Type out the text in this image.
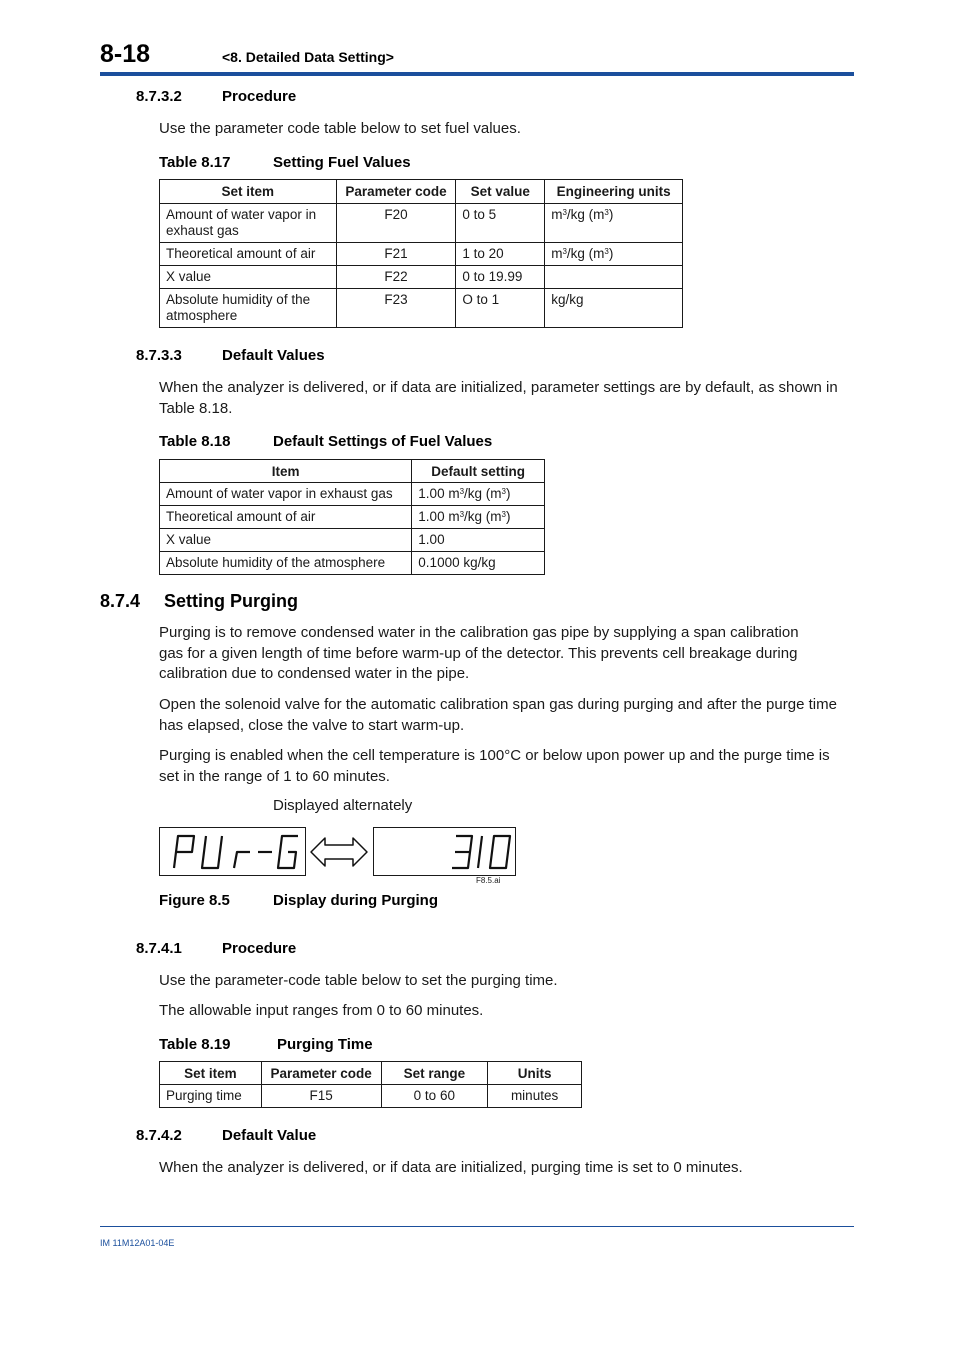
8-18	<8. Detailed Data Setting>
8.7.3.2	Procedure
Use the parameter code table below to set fuel values.
Table 8.17	Setting Fuel Values
Set item	Parameter code	Set value	Engineering units

Amount of water vapor in
exhaust gas	F20	0 to 5	$m^3/kg$ $(m^3)$

Theoretical amount of air	F21	1 to 20	$m^3/kg$ $(m^3)$

X value	F22	0 to 19.99	

Absolute humidity of the
atmosphere	F23	O to 1	kg/kg
8.7.3.3	Default Values
When the analyzer is delivered, or if data are initialized, parameter settings are by default, as shown in
Table 8.18.
Table 8.18	Default Settings of Fuel Values
Item	Default setting

Amount of water vapor in exhaust gas	1.00 $m^3/kg$ $(m^3)$

Theoretical amount of air	1.00 $m^3/kg$ $(m^3)$

X value	1.00

Absolute humidity of the atmosphere	0.1000 kg/kg
8.7.4 Setting Purging
Purging is to remove condensed water in the calibration gas pipe by supplying a span calibration
gas for a given length of time before warm-up of the detector. This prevents cell breakage during
calibration due to condensed water in the pipe.
Open the solenoid valve for the automatic calibration span gas during purging and after the purge time
has elapsed, close the valve to start warm-up.
Purging is enabled when the cell temperature is 100°C or below upon power up and the purge time is
set in the range of 1 to 60 minutes.
Displayed alternately
PUrG
F8.5.ai
Figure 8.5	Display during Purging
8.7.4.1	Procedure
Use the parameter-code table below to set the purging time.
The allowable input ranges from 0 to 60 minutes.
Table 8.19	Purging Time
Set item	Parameter code	Set range	Units

Purging time	F15	0 to 60	minutes
8.7.4.2	Default Value
When the analyzer is delivered, or if data are initialized, purging time is set to 0 minutes.
IM 11M12A01-04E
